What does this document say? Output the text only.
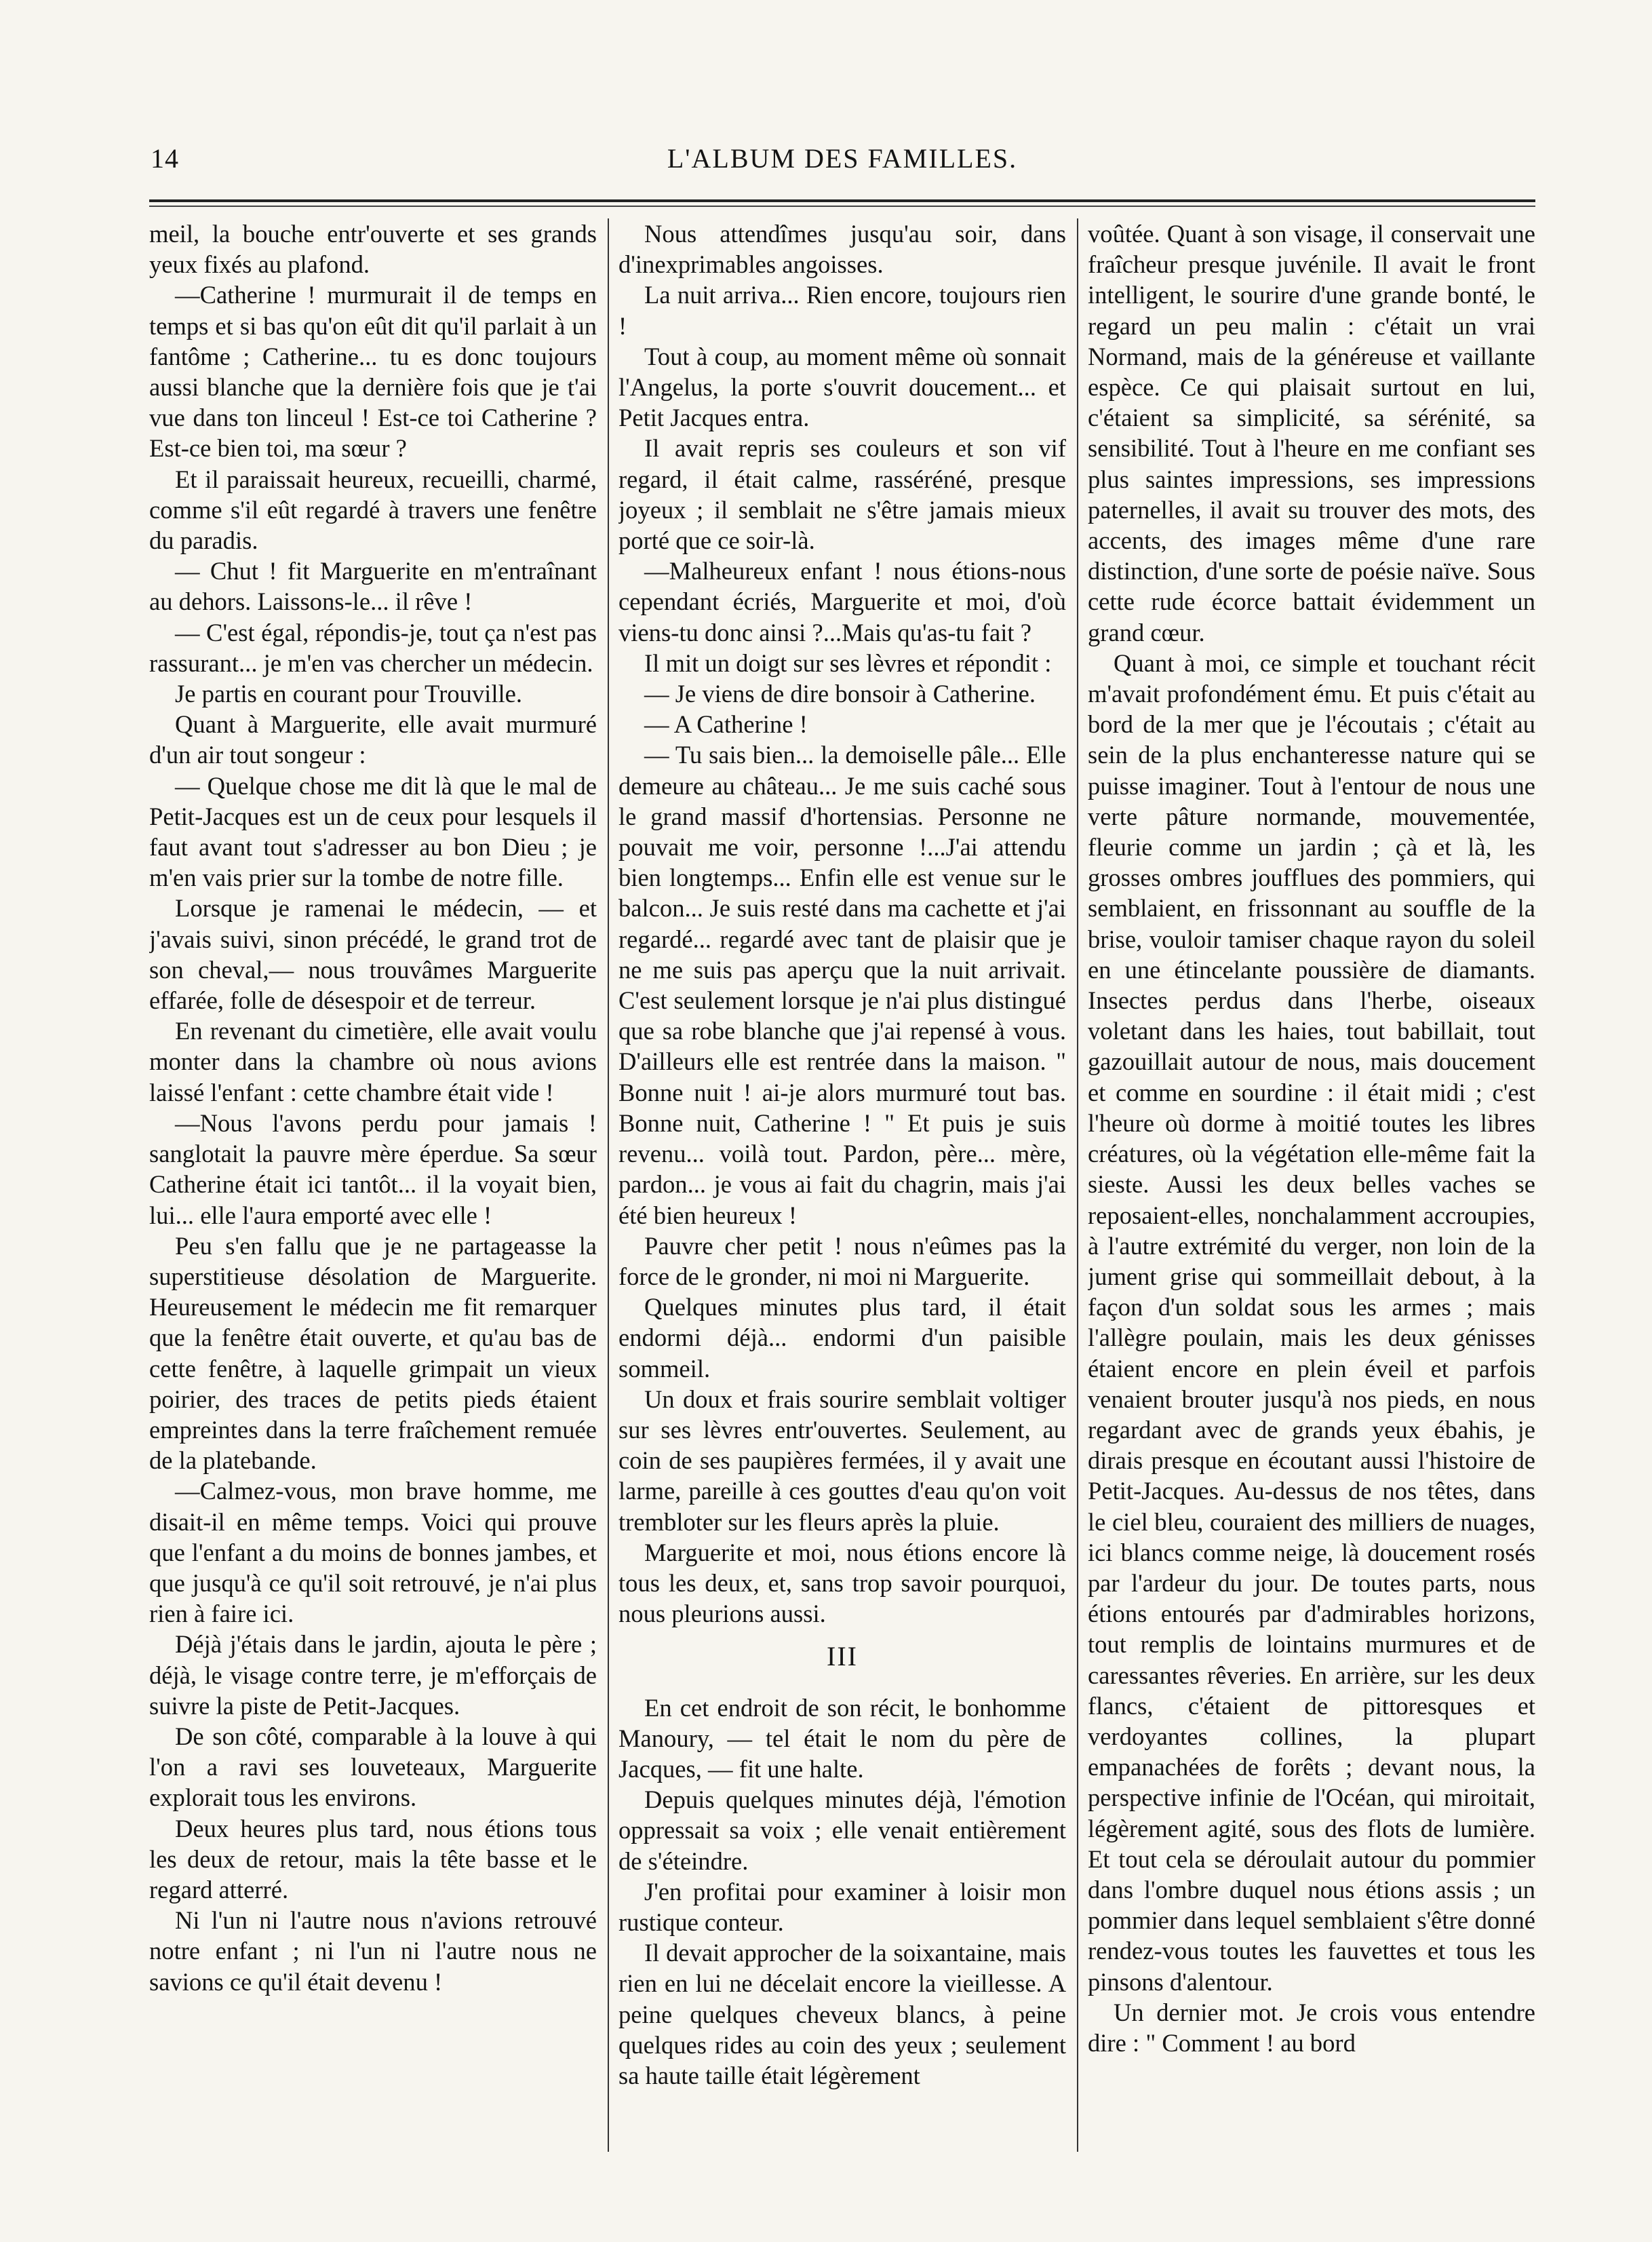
14	L'ALBUM DES FAMILLES.

meil, la bouche entr'ouverte et ses grands yeux fixés au plafond.

—Catherine ! murmurait il de temps en temps et si bas qu'on eût dit qu'il parlait à un fantôme ; Catherine... tu es donc toujours aussi blanche que la dernière fois que je t'ai vue dans ton linceul ! Est-ce toi Catherine ? Est-ce bien toi, ma sœur ?

Et il paraissait heureux, recueilli, charmé, comme s'il eût regardé à travers une fenêtre du paradis.

— Chut ! fit Marguerite en m'entraînant au dehors. Laissons-le... il rêve !

— C'est égal, répondis-je, tout ça n'est pas rassurant... je m'en vas chercher un médecin.

Je partis en courant pour Trouville.

Quant à Marguerite, elle avait murmuré d'un air tout songeur :

— Quelque chose me dit là que le mal de Petit-Jacques est un de ceux pour lesquels il faut avant tout s'adresser au bon Dieu ; je m'en vais prier sur la tombe de notre fille.

Lorsque je ramenai le médecin, — et j'avais suivi, sinon précédé, le grand trot de son cheval,— nous trouvâmes Marguerite effarée, folle de désespoir et de terreur.

En revenant du cimetière, elle avait voulu monter dans la chambre où nous avions laissé l'enfant : cette chambre était vide !

—Nous l'avons perdu pour jamais ! sanglotait la pauvre mère éperdue. Sa sœur Catherine était ici tantôt... il la voyait bien, lui... elle l'aura emporté avec elle !

Peu s'en fallu que je ne partageasse la superstitieuse désolation de Marguerite. Heureusement le médecin me fit remarquer que la fenêtre était ouverte, et qu'au bas de cette fenêtre, à laquelle grimpait un vieux poirier, des traces de petits pieds étaient empreintes dans la terre fraîchement remuée de la platebande.

—Calmez-vous, mon brave homme, me disait-il en même temps. Voici qui prouve que l'enfant a du moins de bonnes jambes, et que jusqu'à ce qu'il soit retrouvé, je n'ai plus rien à faire ici.

Déjà j'étais dans le jardin, ajouta le père ; déjà, le visage contre terre, je m'efforçais de suivre la piste de Petit-Jacques.

De son côté, comparable à la louve à qui l'on a ravi ses louveteaux, Marguerite explorait tous les environs.

Deux heures plus tard, nous étions tous les deux de retour, mais la tête basse et le regard atterré.

Ni l'un ni l'autre nous n'avions retrouvé notre enfant ; ni l'un ni l'autre nous ne savions ce qu'il était devenu !

Nous attendîmes jusqu'au soir, dans d'inexprimables angoisses.

La nuit arriva... Rien encore, toujours rien !

Tout à coup, au moment même où sonnait l'Angelus, la porte s'ouvrit doucement... et Petit Jacques entra.

Il avait repris ses couleurs et son vif regard, il était calme, rasséréné, presque joyeux ; il semblait ne s'être jamais mieux porté que ce soir-là.

—Malheureux enfant ! nous étions-nous cependant écriés, Marguerite et moi, d'où viens-tu donc ainsi ?...Mais qu'as-tu fait ?

Il mit un doigt sur ses lèvres et répondit :

— Je viens de dire bonsoir à Catherine.

— A Catherine !

— Tu sais bien... la demoiselle pâle... Elle demeure au château... Je me suis caché sous le grand massif d'hortensias. Personne ne pouvait me voir, personne !...J'ai attendu bien longtemps... Enfin elle est venue sur le balcon... Je suis resté dans ma cachette et j'ai regardé... regardé avec tant de plaisir que je ne me suis pas aperçu que la nuit arrivait. C'est seulement lorsque je n'ai plus distingué que sa robe blanche que j'ai repensé à vous. D'ailleurs elle est rentrée dans la maison. " Bonne nuit ! ai-je alors murmuré tout bas. Bonne nuit, Catherine ! " Et puis je suis revenu... voilà tout. Pardon, père... mère, pardon... je vous ai fait du chagrin, mais j'ai été bien heureux !

Pauvre cher petit ! nous n'eûmes pas la force de le gronder, ni moi ni Marguerite.

Quelques minutes plus tard, il était endormi déjà... endormi d'un paisible sommeil.

Un doux et frais sourire semblait voltiger sur ses lèvres entr'ouvertes. Seulement, au coin de ses paupières fermées, il y avait une larme, pareille à ces gouttes d'eau qu'on voit trembloter sur les fleurs après la pluie.

Marguerite et moi, nous étions encore là tous les deux, et, sans trop savoir pourquoi, nous pleurions aussi.

III

En cet endroit de son récit, le bonhomme Manoury, — tel était le nom du père de Jacques, — fit une halte.

Depuis quelques minutes déjà, l'émotion oppressait sa voix ; elle venait entièrement de s'éteindre.

J'en profitai pour examiner à loisir mon rustique conteur.

Il devait approcher de la soixantaine, mais rien en lui ne décelait encore la vieillesse. A peine quelques cheveux blancs, à peine quelques rides au coin des yeux ; seulement sa haute taille était légèrement

voûtée. Quant à son visage, il conservait une fraîcheur presque juvénile. Il avait le front intelligent, le sourire d'une grande bonté, le regard un peu malin : c'était un vrai Normand, mais de la généreuse et vaillante espèce. Ce qui plaisait surtout en lui, c'étaient sa simplicité, sa sérénité, sa sensibilité. Tout à l'heure en me confiant ses plus saintes impressions, ses impressions paternelles, il avait su trouver des mots, des accents, des images même d'une rare distinction, d'une sorte de poésie naïve. Sous cette rude écorce battait évidemment un grand cœur.

Quant à moi, ce simple et touchant récit m'avait profondément ému. Et puis c'était au bord de la mer que je l'écoutais ; c'était au sein de la plus enchanteresse nature qui se puisse imaginer. Tout à l'entour de nous une verte pâture normande, mouvementée, fleurie comme un jardin ; çà et là, les grosses ombres joufflues des pommiers, qui semblaient, en frissonnant au souffle de la brise, vouloir tamiser chaque rayon du soleil en une étincelante poussière de diamants. Insectes perdus dans l'herbe, oiseaux voletant dans les haies, tout babillait, tout gazouillait autour de nous, mais doucement et comme en sourdine : il était midi ; c'est l'heure où dorme à moitié toutes les libres créatures, où la végétation elle-même fait la sieste. Aussi les deux belles vaches se reposaient-elles, nonchalamment accroupies, à l'autre extrémité du verger, non loin de la jument grise qui sommeillait debout, à la façon d'un soldat sous les armes ; mais l'allègre poulain, mais les deux génisses étaient encore en plein éveil et parfois venaient brouter jusqu'à nos pieds, en nous regardant avec de grands yeux ébahis, je dirais presque en écoutant aussi l'histoire de Petit-Jacques. Au-dessus de nos têtes, dans le ciel bleu, couraient des milliers de nuages, ici blancs comme neige, là doucement rosés par l'ardeur du jour. De toutes parts, nous étions entourés par d'admirables horizons, tout remplis de lointains murmures et de caressantes rêveries. En arrière, sur les deux flancs, c'étaient de pittoresques et verdoyantes collines, la plupart empanachées de forêts ; devant nous, la perspective infinie de l'Océan, qui miroitait, légèrement agité, sous des flots de lumière. Et tout cela se déroulait autour du pommier dans l'ombre duquel nous étions assis ; un pommier dans lequel semblaient s'être donné rendez-vous toutes les fauvettes et tous les pinsons d'alentour.

Un dernier mot. Je crois vous entendre dire : " Comment ! au bord
